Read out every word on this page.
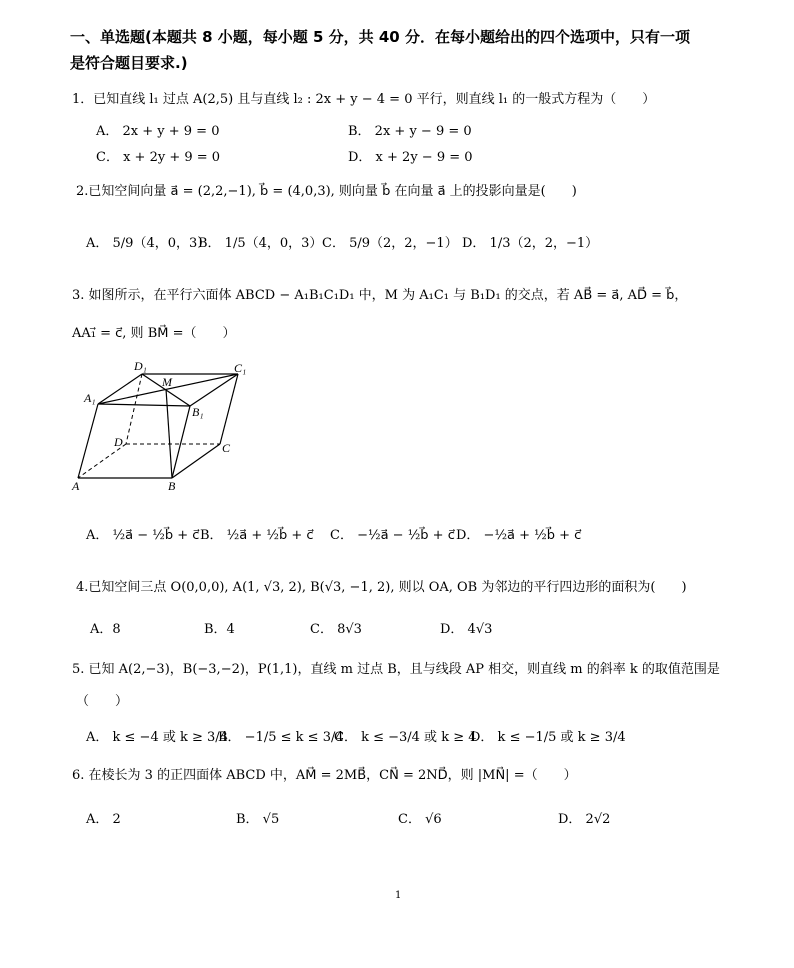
一、单选题(本题共 8 小题，每小题 5 分，共 40 分．在每小题给出的四个选项中，只有一项
是符合题目要求.)
1．已知直线 l₁ 过点 A(2,5) 且与直线 l₂ : 2x + y − 4 = 0 平行，则直线 l₁ 的一般式方程为（　　）
A． 2x + y + 9 = 0	B． 2x + y − 9 = 0
C． x + 2y + 9 = 0	D． x + 2y − 9 = 0
2.已知空间向量 a⃗ = (2,2,−1), b⃗ = (4,0,3), 则向量 b⃗ 在向量 a⃗ 上的投影向量是(　　)
A． 5/9（4，0，3）
B． 1/5（4，0，3） C． 5/9（2，2，−1） D． 1/3（2，2，−1）
3. 如图所示，在平行六面体 ABCD − A₁B₁C₁D₁ 中，M 为 A₁C₁ 与 B₁D₁ 的交点，若 AB⃗ = a⃗, AD⃗ = b⃗，
AA₁⃗ = c⃗, 则 BM⃗ =（　　）
D₁
M
C₁
A₁
B₁
D	C
A	B
A． ½a⃗ − ½b⃗ + c⃗ B． ½a⃗ + ½b⃗ + c⃗ C． −½a⃗ − ½b⃗ + c⃗ D． −½a⃗ + ½b⃗ + c⃗
4.已知空间三点 O(0,0,0), A(1, √3, 2), B(√3, −1, 2), 则以 OA, OB 为邻边的平行四边形的面积为(　　)
A．8	B．4	C． 8√3	D． 4√3
5. 已知 A(2,−3)，B(−3,−2)，P(1,1)，直线 m 过点 B，且与线段 AP 相交，则直线 m 的斜率 k 的取值范围是
（　　）
A． k ≤ −4 或 k ≥ 3/4
B． −1/5 ≤ k ≤ 3/4
C． k ≤ −3/4 或 k ≥ 4
D． k ≤ −1/5 或 k ≥ 3/4
6. 在棱长为 3 的正四面体 ABCD 中，AM⃗ = 2MB⃗，CN⃗ = 2ND⃗，则 |MN⃗| =（　　）
A． 2	B． √5	C． √6	D． 2√2
1
